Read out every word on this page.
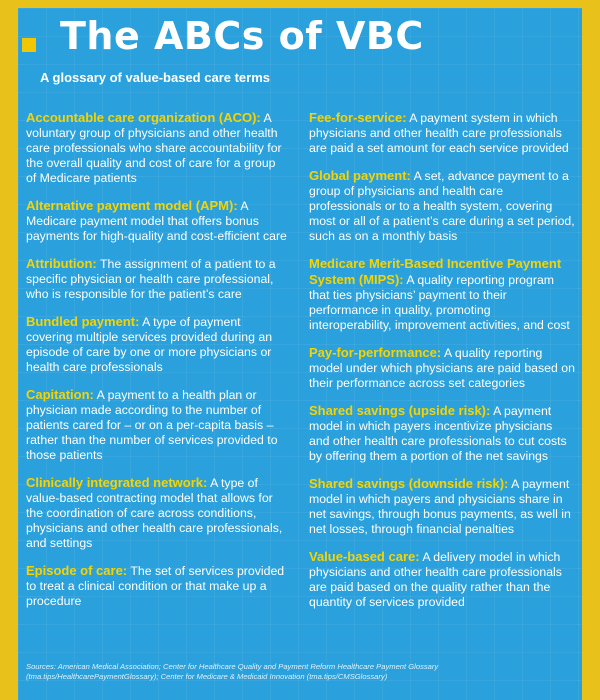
The ABCs of VBC
A glossary of value-based care terms

Accountable care organization (ACO): A voluntary group of physicians and other health care professionals who share accountability for the overall quality and cost of care for a group of Medicare patients

Alternative payment model (APM): A Medicare payment model that offers bonus payments for high-quality and cost-efficient care

Attribution: The assignment of a patient to a specific physician or health care professional, who is responsible for the patient’s care

Bundled payment: A type of payment covering multiple services provided during an episode of care by one or more physicians or health care professionals

Capitation: A payment to a health plan or physician made according to the number of patients cared for – or on a per-capita basis – rather than the number of services provided to those patients

Clinically integrated network: A type of value-based contracting model that allows for the coordination of care across conditions, physicians and other health care professionals, and settings

Episode of care: The set of services provided to treat a clinical condition or that make up a procedure

Fee-for-service: A payment system in which physicians and other health care professionals are paid a set amount for each service provided

Global payment: A set, advance payment to a group of physicians and health care professionals or to a health system, covering most or all of a patient’s care during a set period, such as on a monthly basis

Medicare Merit-Based Incentive Payment System (MIPS): A quality reporting program that ties physicians’ payment to their performance in quality, promoting interoperability, improvement activities, and cost

Pay-for-performance: A quality reporting model under which physicians are paid based on their performance across set categories

Shared savings (upside risk): A payment model in which payers incentivize physicians and other health care professionals to cut costs by offering them a portion of the net savings

Shared savings (downside risk): A payment model in which payers and physicians share in net savings, through bonus payments, as well in net losses, through financial penalties

Value-based care: A delivery model in which physicians and other health care professionals are paid based on the quality rather than the quantity of services provided

Sources: American Medical Association; Center for Healthcare Quality and Payment Reform Healthcare Payment Glossary (tma.tips/HealthcarePaymentGlossary); Center for Medicare & Medicaid Innovation (tma.tips/CMSGlossary)
